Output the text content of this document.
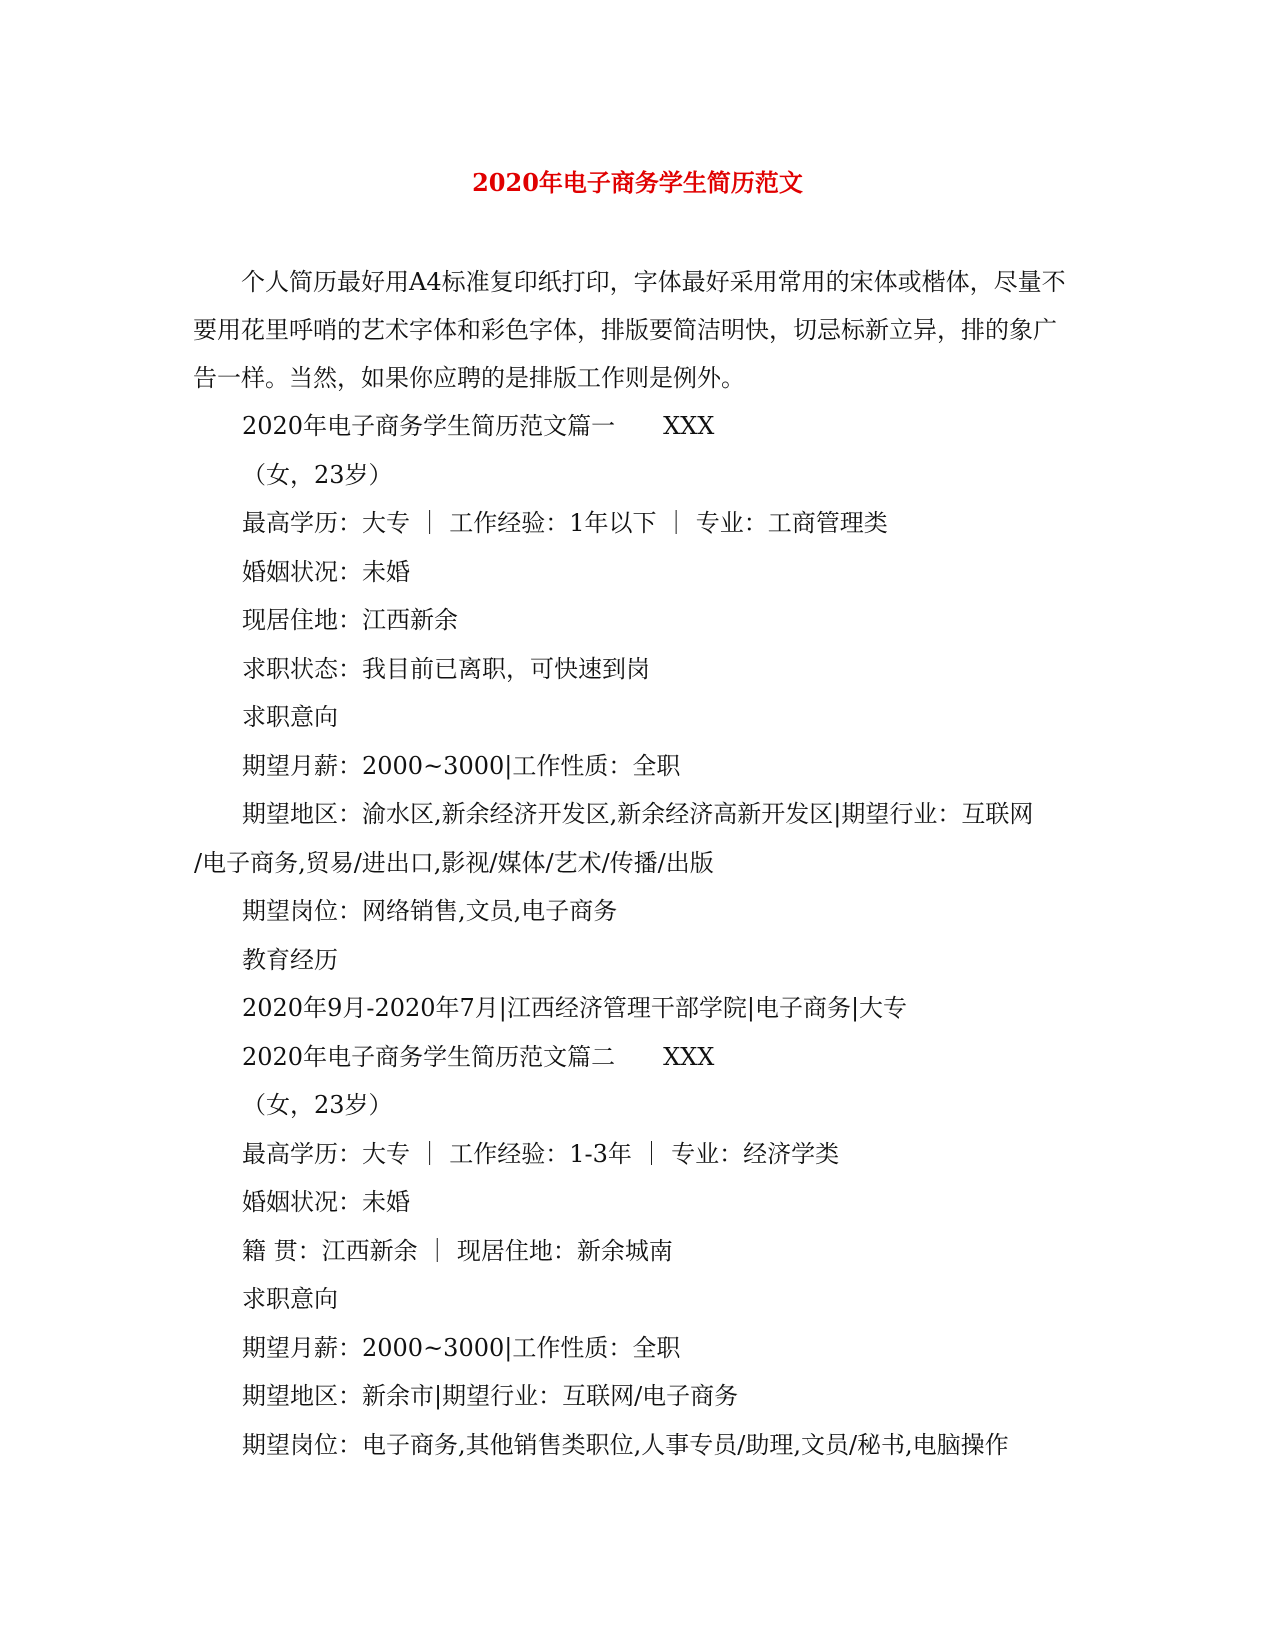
2020年电子商务学生简历范文

个人简历最好用A4标准复印纸打印，字体最好采用常用的宋体或楷体，尽量不要用花里呼哨的艺术字体和彩色字体，排版要简洁明快，切忌标新立异，排的象广告一样。当然，如果你应聘的是排版工作则是例外。

2020年电子商务学生简历范文篇一 XXX
（女，23岁）
最高学历：大专 ｜ 工作经验：1年以下 ｜ 专业：工商管理类
婚姻状况：未婚
现居住地：江西新余
求职状态：我目前已离职，可快速到岗
求职意向
期望月薪：2000~3000|工作性质：全职
期望地区：渝水区,新余经济开发区,新余经济高新开发区|期望行业：互联网
/电子商务,贸易/进出口,影视/媒体/艺术/传播/出版
期望岗位：网络销售,文员,电子商务
教育经历
2020年9月-2020年7月|江西经济管理干部学院|电子商务|大专
2020年电子商务学生简历范文篇二 XXX
（女，23岁）
最高学历：大专 ｜ 工作经验：1-3年 ｜ 专业：经济学类
婚姻状况：未婚
籍 贯：江西新余 ｜ 现居住地：新余城南
求职意向
期望月薪：2000~3000|工作性质：全职
期望地区：新余市|期望行业：互联网/电子商务
期望岗位：电子商务,其他销售类职位,人事专员/助理,文员/秘书,电脑操作
